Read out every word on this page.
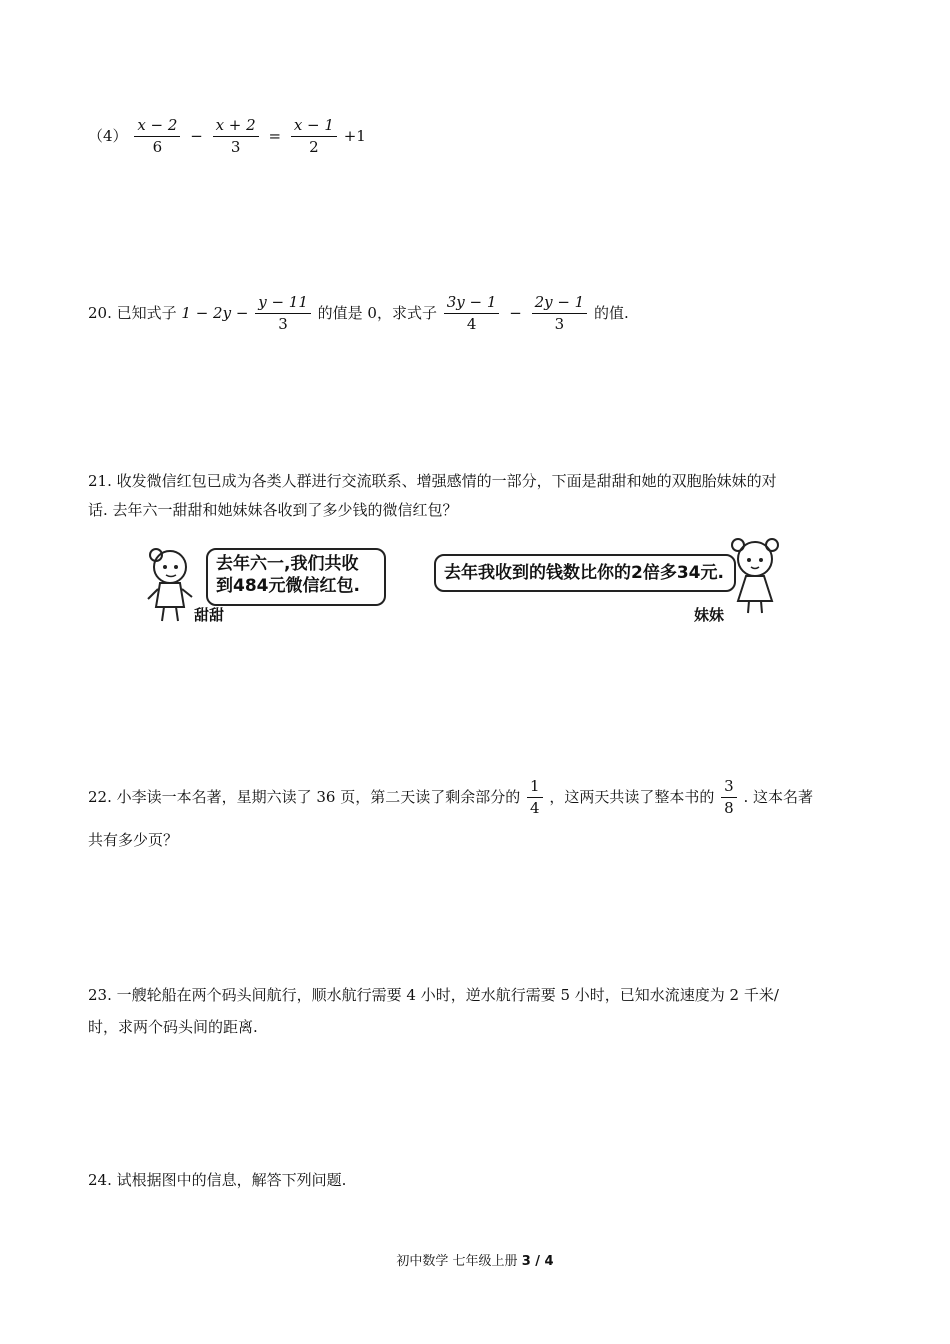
$(4) \frac{x - 2}{6} - \frac{x + 2}{3} = \frac{x - 1}{2} +1$
20. 已知式子 $1 - 2y - \frac{y - 11}{3}$ 的值是 0，求式子 $\frac{3y - 1}{4} - \frac{2y - 1}{3}$ 的值.
21. 收发微信红包已成为各类人群进行交流联系、增强感情的一部分，下面是甜甜和她的双胞胎妹妹的对
话. 去年六一甜甜和她妹妹各收到了多少钱的微信红包？
去年六一,我们共收
到484元微信红包.
甜甜
去年我收到的钱数比你的2倍多34元.
妹妹
22. 小李读一本名著，星期六读了 36 页，第二天读了剩余部分的 $\frac{1}{4}$ ，这两天共读了整本书的 $\frac{3}{8}$ . 这本名著
共有多少页？
23. 一艘轮船在两个码头间航行，顺水航行需要 4 小时，逆水航行需要 5 小时，已知水流速度为 2 千米/
时，求两个码头间的距离.
24. 试根据图中的信息，解答下列问题.
初中数学 七年级上册 3 / 4
